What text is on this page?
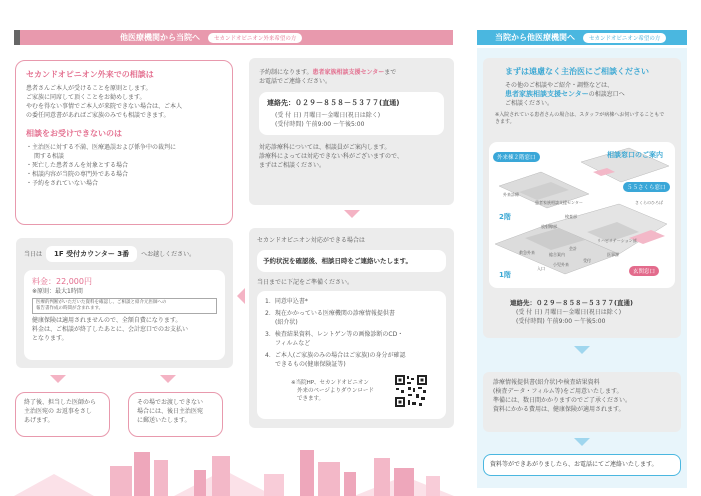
他医療機関から当院へ	セカンドオピニオン外来希望の方	当院から他医療機関へ	セカンドオピニオン希望の方
セカンドオピニオン外来での相談は
患者さんご本人が受けることを原則とします。
ご家族に同席して頂くことをお勧めします。
やむを得ない事情でご本人が来院できない場合は、ご本人
の委任同意書があればご家族のみでも相談できます。
相談をお受けできないのは
・主治医に対する不満、医療過誤および係争中の裁判に
関する相談
・死亡した患者さんを対象とする場合
・相談内容が当院の専門外である場合
・予約をされていない場合
予約制になります。患者家族相談支援センターまで
お電話でご連絡ください。
連絡先：０２９－８５８－５３７７(直通)
(受 付 日) 月曜日～金曜日(祝日は除く)
(受付時間) 午前9:00 ～午後5:00
対応診療科については、相談員がご案内します。
診療科によっては対応できない科がございますので、
まずはご相談ください。
当日は	1F 受付カウンター 3番	へお越しください。
料金：22,000円
※原則：最大1時間
医療的判断がいただいた資料を確認し、ご相談と紹介元医師への
報告書作成の時間が含まれます。
健康保険は適用されませんので、全額自費になります。
料金は、ご相談が終了したあとに、会計窓口でのお支払い
となります。
終了後、担当した医師から
主治医宛の お返事をさし
あげます。
その場でお渡しできない
場合には、後日主治医宛
に郵送いたします。
セカンドオピニオン対応ができる場合は
予約状況を確認後、相談日時をご連絡いたします。
当日までに下記をご準備ください。
1．同意申込書*
2．現在かかっている医療機関の診療情報提供書
(紹介状)
3．検査結果資料、レントゲン等の画像診断のCD・
フィルムなど
4．ご本人(ご家族のみの場合はご家族)の身分が確認
できるもの(健康保険証等)
※当院HP、セカンドオピニオン
外来のページよりダウンロード
できます。
まずは遠慮なく主治医にご相談ください
その他のご相談やご紹介・調整などは、
患者家族相談支援センターの相談窓口へ
ご相談ください。
※入院されている患者さんの場合は、スタッフが病棟へお伺いすることもできます。
相談窓口のご案内
外来棟２階窓口
５５さくら窓口
玄関窓口
2階
1階
外来診療
患者家族相談支援センター
放射線部
検査部
さくらのひろば
リハビリテーション部
会計
受付
入口
救急外来
小児外来
医事課
総合案内
連絡先：０２９－８５８－５３７７(直通)
(受 付 日) 月曜日～金曜日(祝日は除く)
(受付時間) 午前9:00 ～午後5:00
診療情報提供書(紹介状)や検査結果資料
(検査データ・フィルム等)をご用意いたします。
準備には、数日間かかりますのでご了承ください。
資料にかかる費用は、健康保険が適用されます。
資料等ができあがりましたら、お電話にてご連絡いたします。
